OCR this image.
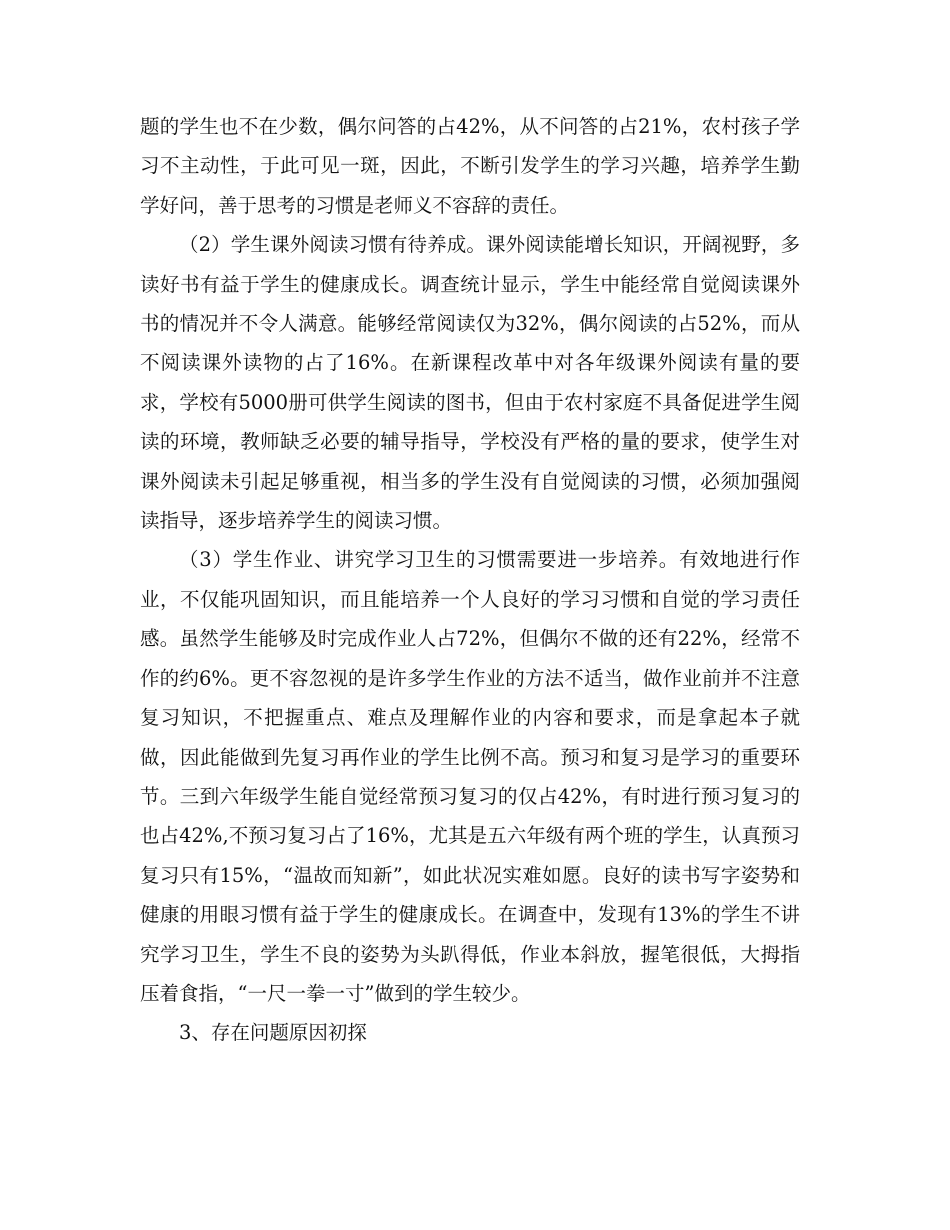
题的学生也不在少数，偶尔问答的占42%，从不问答的占21%，农村孩子学习不主动性，于此可见一斑，因此，不断引发学生的学习兴趣，培养学生勤学好问，善于思考的习惯是老师义不容辞的责任。

（2）学生课外阅读习惯有待养成。课外阅读能增长知识，开阔视野，多读好书有益于学生的健康成长。调查统计显示，学生中能经常自觉阅读课外书的情况并不令人满意。能够经常阅读仅为32%，偶尔阅读的占52%，而从不阅读课外读物的占了16%。在新课程改革中对各年级课外阅读有量的要求，学校有5000册可供学生阅读的图书，但由于农村家庭不具备促进学生阅读的环境，教师缺乏必要的辅导指导，学校没有严格的量的要求，使学生对课外阅读未引起足够重视，相当多的学生没有自觉阅读的习惯，必须加强阅读指导，逐步培养学生的阅读习惯。

（3）学生作业、讲究学习卫生的习惯需要进一步培养。有效地进行作业，不仅能巩固知识，而且能培养一个人良好的学习习惯和自觉的学习责任感。虽然学生能够及时完成作业人占72%，但偶尔不做的还有22%，经常不作的约6%。更不容忽视的是许多学生作业的方法不适当，做作业前并不注意复习知识，不把握重点、难点及理解作业的内容和要求，而是拿起本子就做，因此能做到先复习再作业的学生比例不高。预习和复习是学习的重要环节。三到六年级学生能自觉经常预习复习的仅占42%，有时进行预习复习的也占42%,不预习复习占了16%，尤其是五六年级有两个班的学生，认真预习复习只有15%，“温故而知新”，如此状况实难如愿。良好的读书写字姿势和健康的用眼习惯有益于学生的健康成长。在调查中，发现有13%的学生不讲究学习卫生，学生不良的姿势为头趴得低，作业本斜放，握笔很低，大拇指压着食指，“一尺一拳一寸”做到的学生较少。

3、存在问题原因初探
